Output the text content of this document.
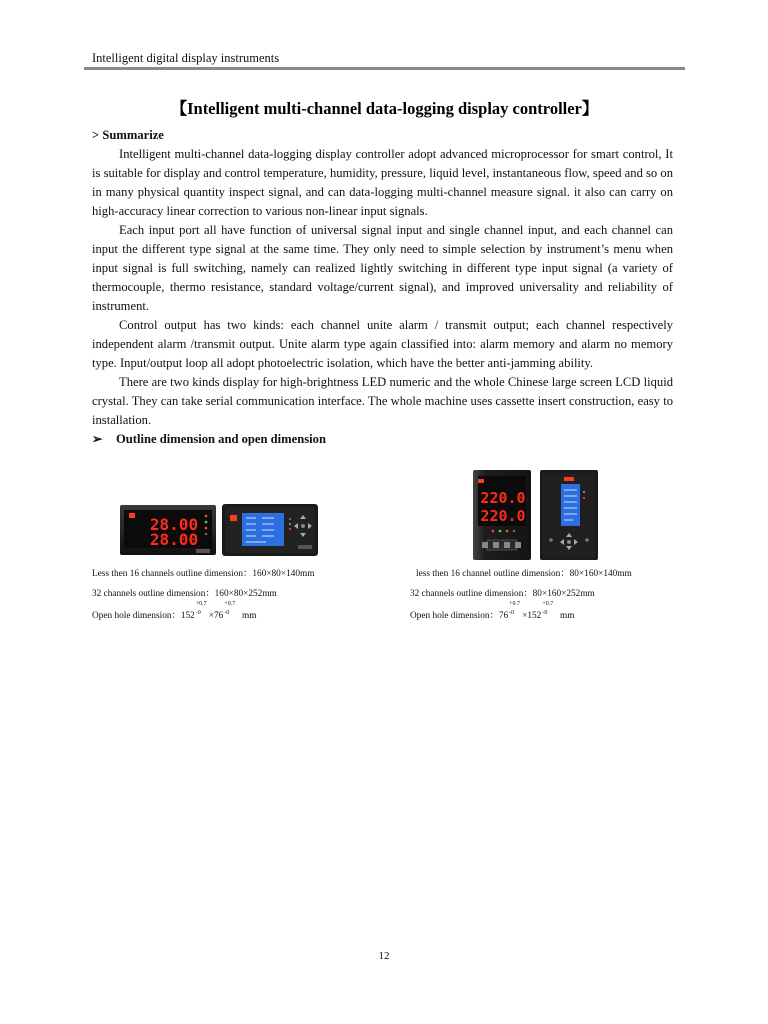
Intelligent digital display instruments
【Intelligent multi-channel data-logging display controller】

> Summarize

Intelligent multi-channel data-logging display controller adopt advanced microprocessor for smart control, It is suitable for display and control temperature, humidity, pressure, liquid level, instantaneous flow, speed and so on in many physical quantity inspect signal, and can data-logging multi-channel measure signal. it also can carry on high-accuracy linear correction to various non-linear input signals.

Each input port all have function of universal signal input and single channel input, and each channel can input the different type signal at the same time. They only need to simple selection by instrument’s menu when input signal is full switching, namely can realized lightly switching in different type input signal (a variety of thermocouple, thermo resistance, standard voltage/current signal), and improved universality and reliability of instrument.

Control output has two kinds: each channel unite alarm / transmit output; each channel respectively independent alarm /transmit output. Unite alarm type again classified into: alarm memory and alarm no memory type. Input/output loop all adopt photoelectric isolation, which have the better anti-jamming ability.

There are two kinds display for high-brightness LED numeric and the whole Chinese large screen LCD liquid crystal. They can take serial communication interface. The whole machine uses cassette insert construction, easy to installation.

➢ Outline dimension and open dimension

28.00
28.00
220.0
220.0
Less then 16 channels outline dimension：160×80×140mm
32 channels outline dimension：160×80×252mm
Open hole dimension：152
+0.7
-0 ×76
+0.7
-0 mm
less then 16 channel outline dimension：80×160×140mm
32 channels outline dimension：80×160×252mm
Open hole dimension：76
+0.7
-0 ×152
+0.7
-0 mm
12
